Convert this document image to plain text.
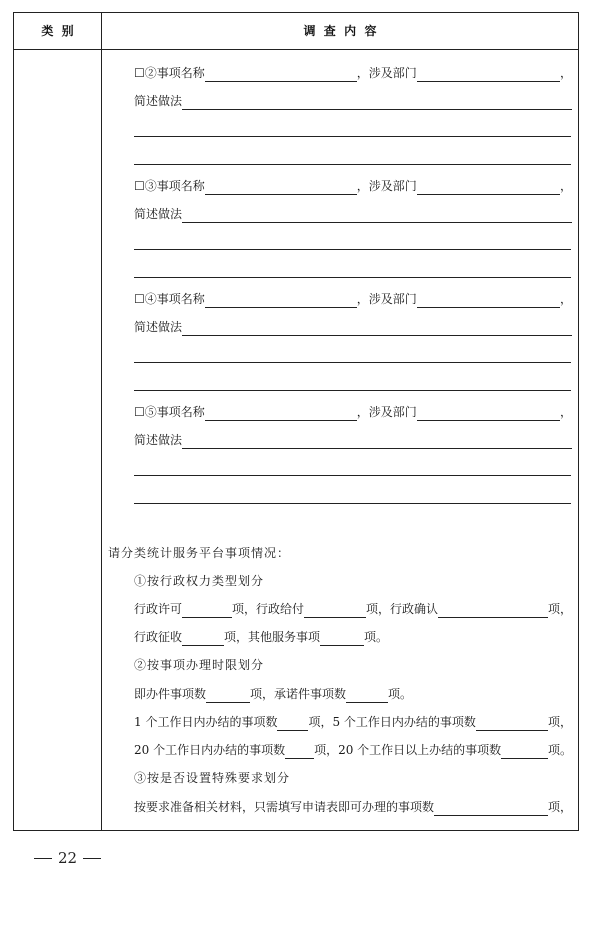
类  别	调  查  内  容
☐②事项名称	，涉及部门	，
简述做法
☐③事项名称	，涉及部门	，
简述做法
☐④事项名称	，涉及部门	，
简述做法
☐⑤事项名称	，涉及部门	，
简述做法
请分类统计服务平台事项情况：
①按行政权力类型划分
行政许可	项，行政给付	项，行政确认	项，
行政征收	项，其他服务事项	项。
②按事项办理时限划分
即办件事项数	项，承诺件事项数	项。
1 个工作日内办结的事项数	项，5 个工作日内办结的事项数	项，
20 个工作日内办结的事项数 项，20 个工作日以上办结的事项数	项。
③按是否设置特殊要求划分
按要求准备相关材料，只需填写申请表即可办理的事项数	项，
22
